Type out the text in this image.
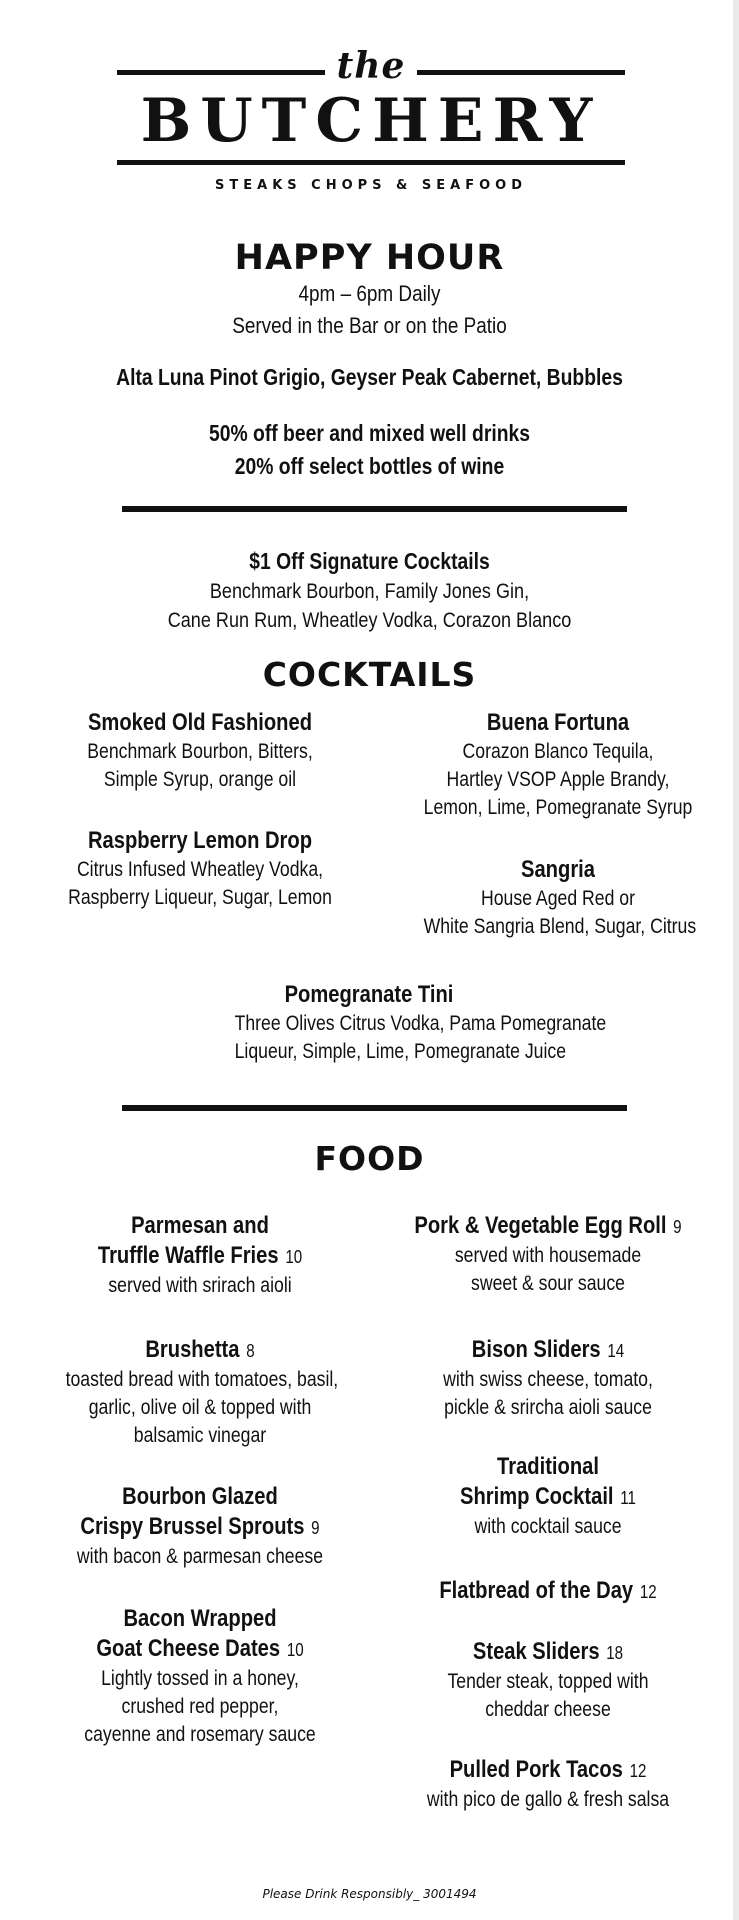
the
BUTCHERY
STEAKS CHOPS & SEAFOOD
HAPPY HOUR
4pm – 6pm Daily
Served in the Bar or on the Patio
Alta Luna Pinot Grigio, Geyser Peak Cabernet, Bubbles
50% off beer and mixed well drinks
20% off select bottles of wine
$1 Off Signature Cocktails
Benchmark Bourbon, Family Jones Gin,
Cane Run Rum, Wheatley Vodka, Corazon Blanco
COCKTAILS
Smoked Old Fashioned
Benchmark Bourbon, Bitters,
Simple Syrup, orange oil
Raspberry Lemon Drop
Citrus Infused Wheatley Vodka,
Raspberry Liqueur, Sugar, Lemon
Buena Fortuna
Corazon Blanco Tequila,
Hartley VSOP Apple Brandy,
Lemon, Lime, Pomegranate Syrup
Sangria
House Aged Red or
White Sangria Blend, Sugar, Citrus
Pomegranate Tini
Three Olives Citrus Vodka, Pama Pomegranate
Liqueur, Simple, Lime, Pomegranate Juice
FOOD
Parmesan and
Truffle Waffle Fries 10
served with srirach aioli
Brushetta 8
toasted bread with tomatoes, basil,
garlic, olive oil & topped with
balsamic vinegar
Bourbon Glazed
Crispy Brussel Sprouts 9
with bacon & parmesan cheese
Bacon Wrapped
Goat Cheese Dates 10
Lightly tossed in a honey,
crushed red pepper,
cayenne and rosemary sauce
Pork & Vegetable Egg Roll 9
served with housemade
sweet & sour sauce
Bison Sliders 14
with swiss cheese, tomato,
pickle & srircha aioli sauce
Traditional
Shrimp Cocktail 11
with cocktail sauce
Flatbread of the Day 12
Steak Sliders 18
Tender steak, topped with
cheddar cheese
Pulled Pork Tacos 12
with pico de gallo & fresh salsa
Please Drink Responsibly_ 3001494
